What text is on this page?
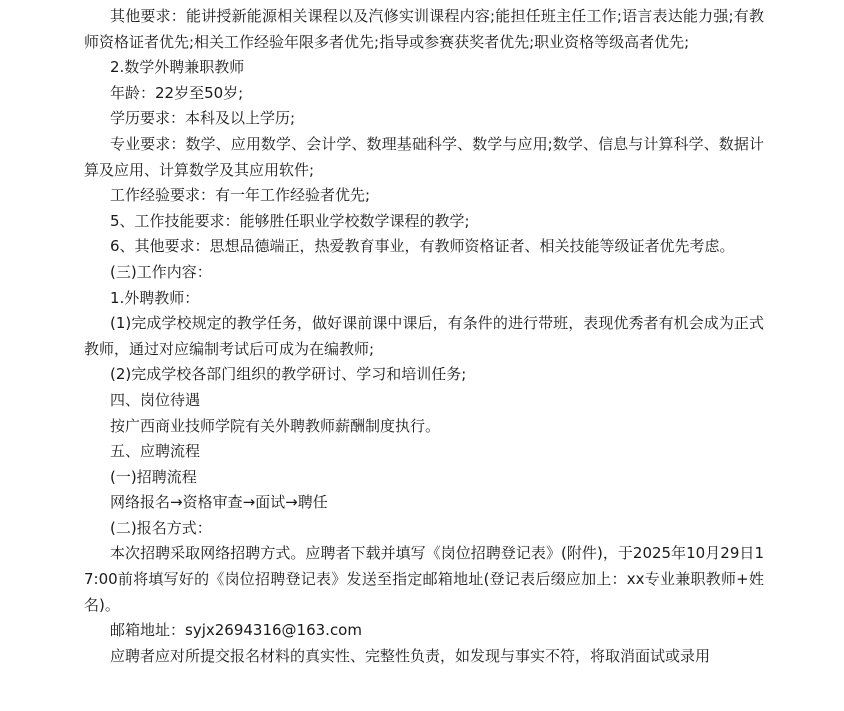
其他要求：能讲授新能源相关课程以及汽修实训课程内容;能担任班主任工作;语言表达能力强;有教师资格证者优先;相关工作经验年限多者优先;指导或参赛获奖者优先;职业资格等级高者优先;

2.数学外聘兼职教师

年龄：22岁至50岁;

学历要求：本科及以上学历;

专业要求：数学、应用数学、会计学、数理基础科学、数学与应用;数学、信息与计算科学、数据计算及应用、计算数学及其应用软件;

工作经验要求：有一年工作经验者优先;

5、工作技能要求：能够胜任职业学校数学课程的教学;

6、其他要求：思想品德端正，热爱教育事业，有教师资格证者、相关技能等级证者优先考虑。

(三)工作内容：

1.外聘教师：

(1)完成学校规定的教学任务，做好课前课中课后，有条件的进行带班，表现优秀者有机会成为正式教师，通过对应编制考试后可成为在编教师;

(2)完成学校各部门组织的教学研讨、学习和培训任务;

四、岗位待遇

按广西商业技师学院有关外聘教师薪酬制度执行。

五、应聘流程

(一)招聘流程

网络报名→资格审查→面试→聘任

(二)报名方式：

本次招聘采取网络招聘方式。应聘者下载并填写《岗位招聘登记表》(附件)，于2025年10月29日17:00前将填写好的《岗位招聘登记表》发送至指定邮箱地址(登记表后缀应加上：xx专业兼职教师+姓名)。

邮箱地址：syjx2694316@163.com

应聘者应对所提交报名材料的真实性、完整性负责，如发现与事实不符，将取消面试或录用
